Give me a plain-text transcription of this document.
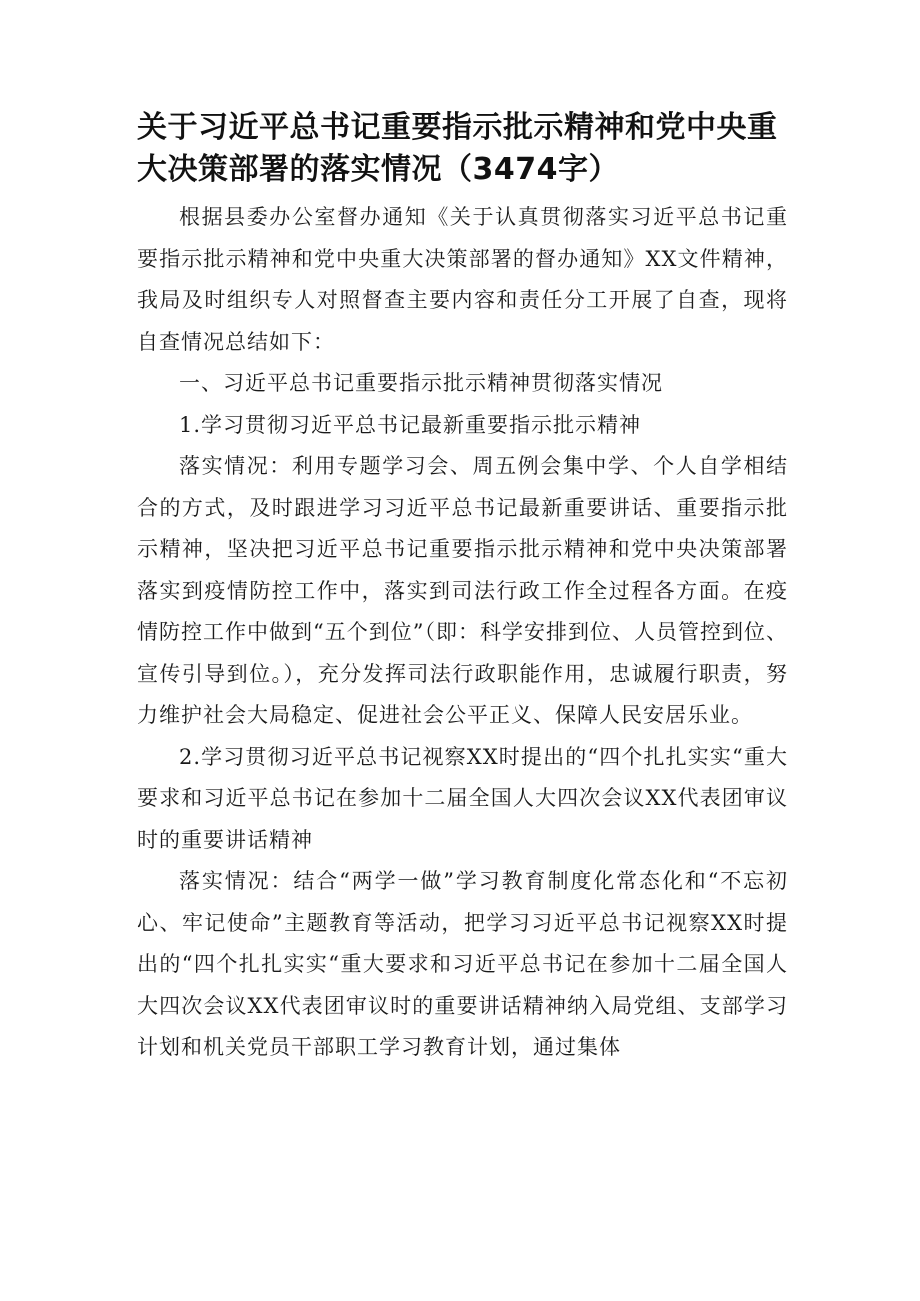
关于习近平总书记重要指示批示精神和党中央重大决策部署的落实情况（3474字）

根据县委办公室督办通知《关于认真贯彻落实习近平总书记重要指示批示精神和党中央重大决策部署的督办通知》XX文件精神，我局及时组织专人对照督查主要内容和责任分工开展了自查，现将自查情况总结如下：

一、习近平总书记重要指示批示精神贯彻落实情况

1.学习贯彻习近平总书记最新重要指示批示精神

落实情况：利用专题学习会、周五例会集中学、个人自学相结合的方式，及时跟进学习习近平总书记最新重要讲话、重要指示批示精神，坚决把习近平总书记重要指示批示精神和党中央决策部署落实到疫情防控工作中，落实到司法行政工作全过程各方面。在疫情防控工作中做到“五个到位”（即：科学安排到位、人员管控到位、宣传引导到位。），充分发挥司法行政职能作用，忠诚履行职责，努力维护社会大局稳定、促进社会公平正义、保障人民安居乐业。

2.学习贯彻习近平总书记视察XX时提出的“四个扎扎实实“重大要求和习近平总书记在参加十二届全国人大四次会议XX代表团审议时的重要讲话精神

落实情况：结合“两学一做”学习教育制度化常态化和“不忘初心、牢记使命”主题教育等活动，把学习习近平总书记视察XX时提出的“四个扎扎实实“重大要求和习近平总书记在参加十二届全国人大四次会议XX代表团审议时的重要讲话精神纳入局党组、支部学习计划和机关党员干部职工学习教育计划，通过集体
